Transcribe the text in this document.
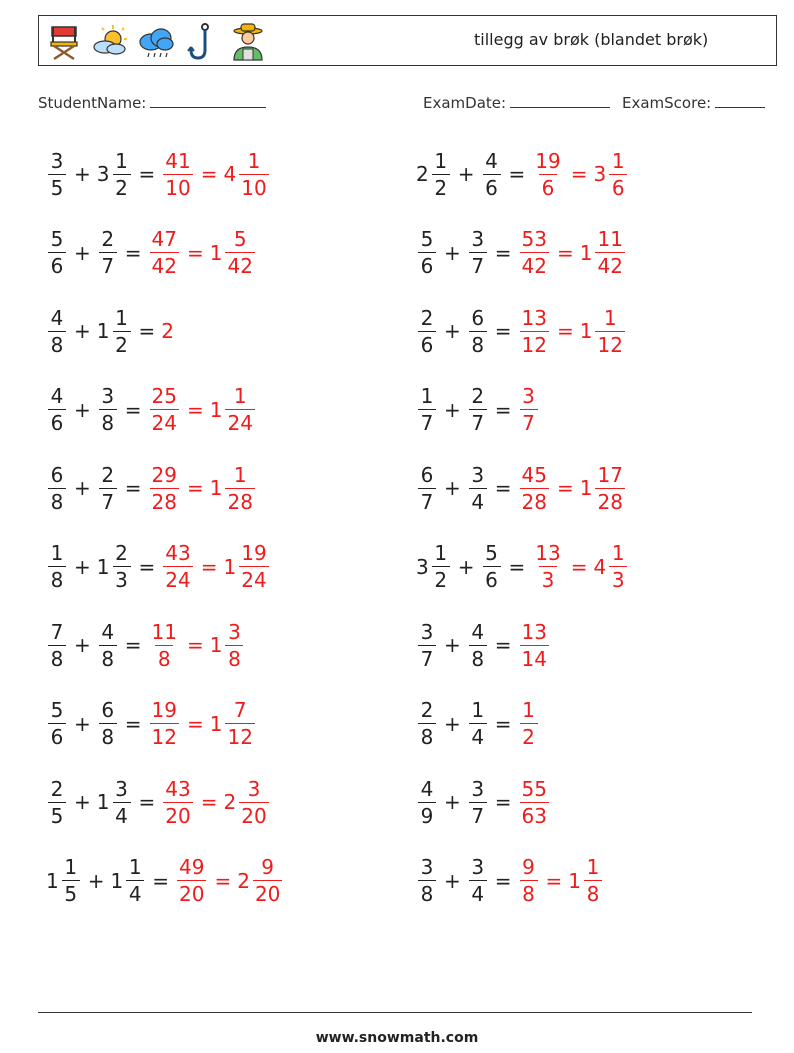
tillegg av brøk (blandet brøk)
StudentName:	ExamDate:	ExamScore:
$\frac{3}{5} + 3 \frac{1}{2} = \frac{41}{10} = 4 \frac{1}{10}$	$2 \frac{1}{2} + \frac{4}{6} = \frac{19}{6} = 3 \frac{1}{6}$
$\frac{5}{6} + \frac{2}{7} = \frac{47}{42} = 1 \frac{5}{42}$	$\frac{5}{6} + \frac{3}{7} = \frac{53}{42} = 1 \frac{11}{42}$
$\frac{4}{8} + 1 \frac{1}{2} = 2$	$\frac{2}{6} + \frac{6}{8} = \frac{13}{12} = 1 \frac{1}{12}$
$\frac{4}{6} + \frac{3}{8} = \frac{25}{24} = 1 \frac{1}{24}$	$\frac{1}{7} + \frac{2}{7} = \frac{3}{7}$
$\frac{6}{8} + \frac{2}{7} = \frac{29}{28} = 1 \frac{1}{28}$	$\frac{6}{7} + \frac{3}{4} = \frac{45}{28} = 1 \frac{17}{28}$
$\frac{1}{8} + 1 \frac{2}{3} = \frac{43}{24} = 1 \frac{19}{24}$	$3 \frac{1}{2} + \frac{5}{6} = \frac{13}{3} = 4 \frac{1}{3}$
$\frac{7}{8} + \frac{4}{8} = \frac{11}{8} = 1 \frac{3}{8}$	$\frac{3}{7} + \frac{4}{8} = \frac{13}{14}$
$\frac{5}{6} + \frac{6}{8} = \frac{19}{12} = 1 \frac{7}{12}$	$\frac{2}{8} + \frac{1}{4} = \frac{1}{2}$
$\frac{2}{5} + 1 \frac{3}{4} = \frac{43}{20} = 2 \frac{3}{20}$	$\frac{4}{9} + \frac{3}{7} = \frac{55}{63}$
$1 \frac{1}{5} + 1 \frac{1}{4} = \frac{49}{20} = 2 \frac{9}{20}$	$\frac{3}{8} + \frac{3}{4} = \frac{9}{8} = 1 \frac{1}{8}$
www.snowmath.com
